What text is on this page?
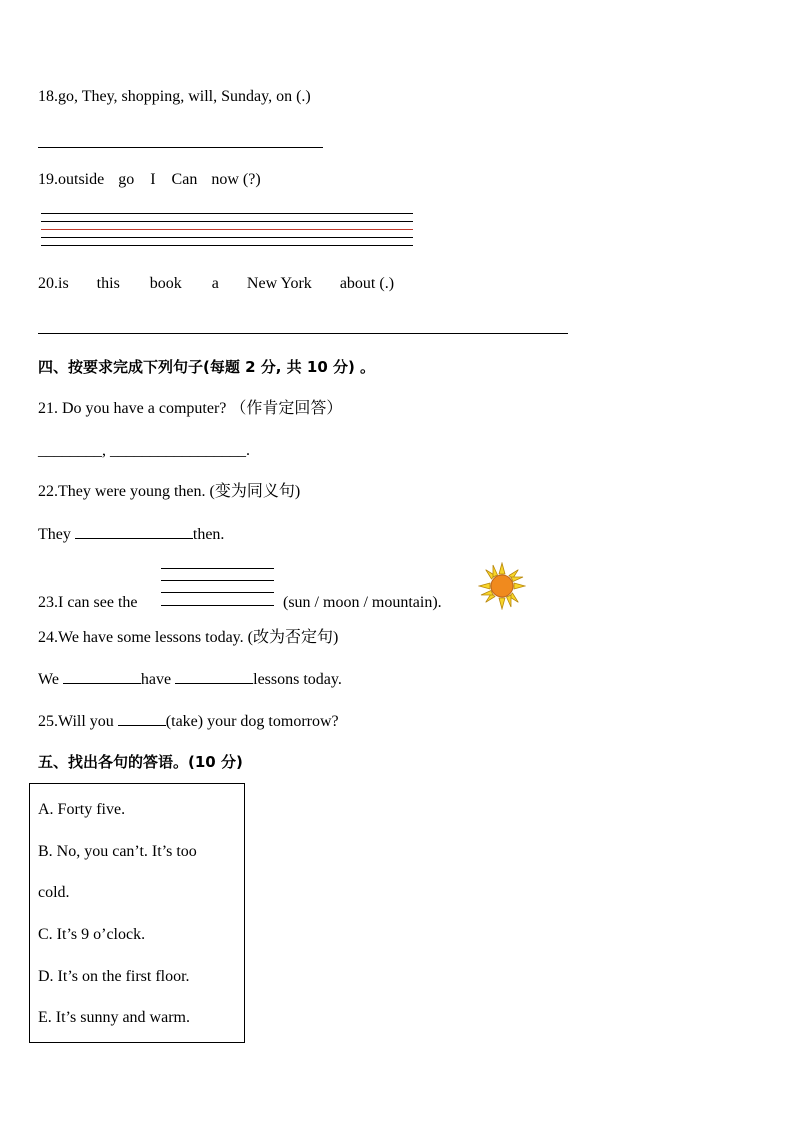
18.go, They, shopping, will, Sunday, on (.)
19.outside go I Can now (?)
20.is this book a New York about (.)
四、按要求完成下列句子(每题 2 分, 共 10 分) 。
21. Do you have a computer? （作肯定回答）
________, _________________.
22.They were young then. (变为同义句)
They	then.
23.I can see the	(sun / moon / mountain).
24.We have some lessons today. (改为否定句)
We	have	lessons today.
25.Will you	(take) your dog tomorrow?
五、找出各句的答语。(10 分)
A. Forty five.
B. No, you can’t. It’s too
cold.
C. It’s 9 o’clock.
D. It’s on the first floor.
E. It’s sunny and warm.
